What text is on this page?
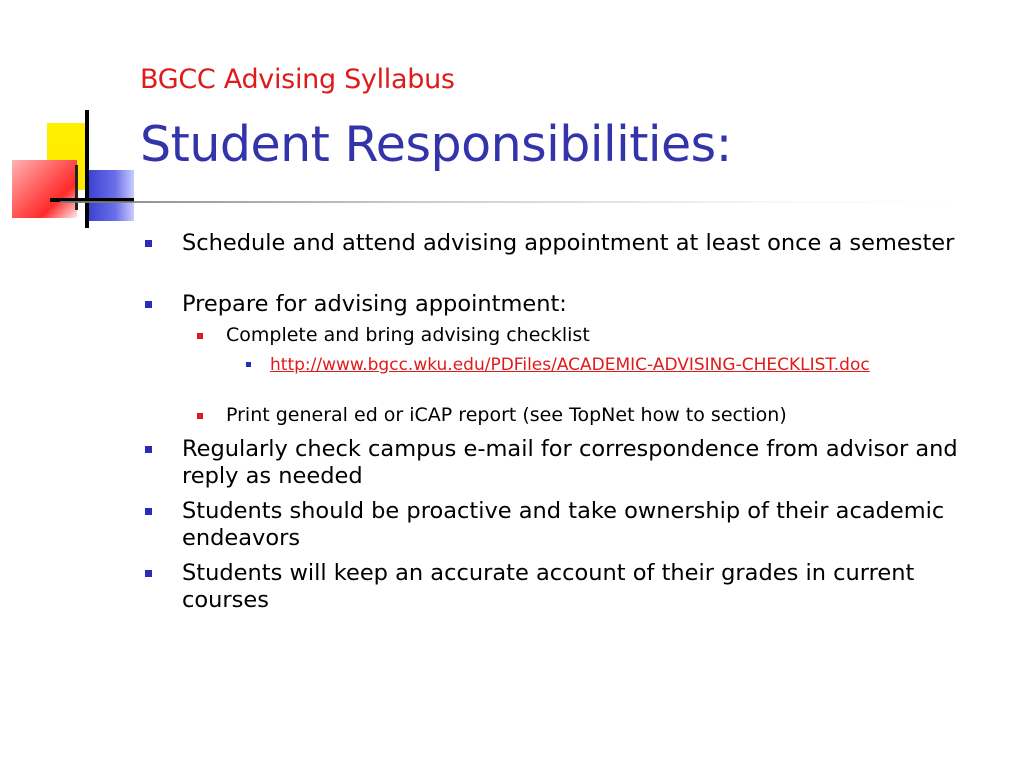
BGCC Advising Syllabus
Student Responsibilities:
Schedule and attend advising appointment at least once a semester
Prepare for advising appointment:
Complete and bring advising checklist
http://www.bgcc.wku.edu/PDFiles/ACADEMIC-ADVISING-CHECKLIST.doc
Print general ed or iCAP report (see TopNet how to section)
Regularly check campus e-mail for correspondence from advisor and reply as needed
Students should be proactive and take ownership of their academic endeavors
Students will keep an accurate account of their grades in current courses
